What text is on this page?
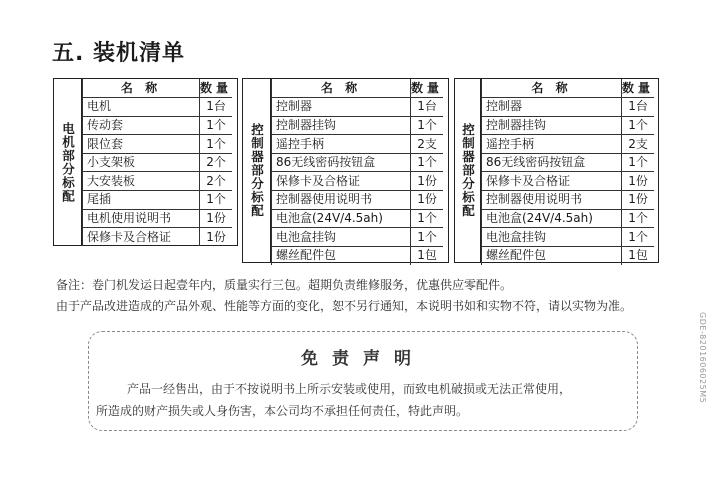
五. 装机清单
电机部分标配
名 称	数量
电机	1台
传动套	1个
限位套	1个
小支架板	2个
大安装板	2个
尾插	1个
电机使用说明书	1份
保修卡及合格证	1份
控制器部分标配
名 称	数量
控制器	1台
控制器挂钩	1个
遥控手柄	2支
86无线密码按钮盒	1个
保修卡及合格证	1份
控制器使用说明书	1份
电池盒(24V/4.5ah)	1个
电池盒挂钩	1个
螺丝配件包	1包
控制器部分标配
名 称	数量
控制器	1台
控制器挂钩	1个
遥控手柄	2支
86无线密码按钮盒	1个
保修卡及合格证	1份
控制器使用说明书	1份
电池盒(24V/4.5ah)	1个
电池盒挂钩	1个
螺丝配件包	1包
备注：卷门机发运日起壹年内，质量实行三包。超期负责维修服务，优惠供应零配件。
由于产品改进造成的产品外观、性能等方面的变化，恕不另行通知，本说明书如和实物不符，请以实物为准。
免责声明
产品一经售出，由于不按说明书上所示安装或使用，而致电机破损或无法正常使用，
所造成的财产损失或人身伤害，本公司均不承担任何责任，特此声明。
GDE-8201606025M5
